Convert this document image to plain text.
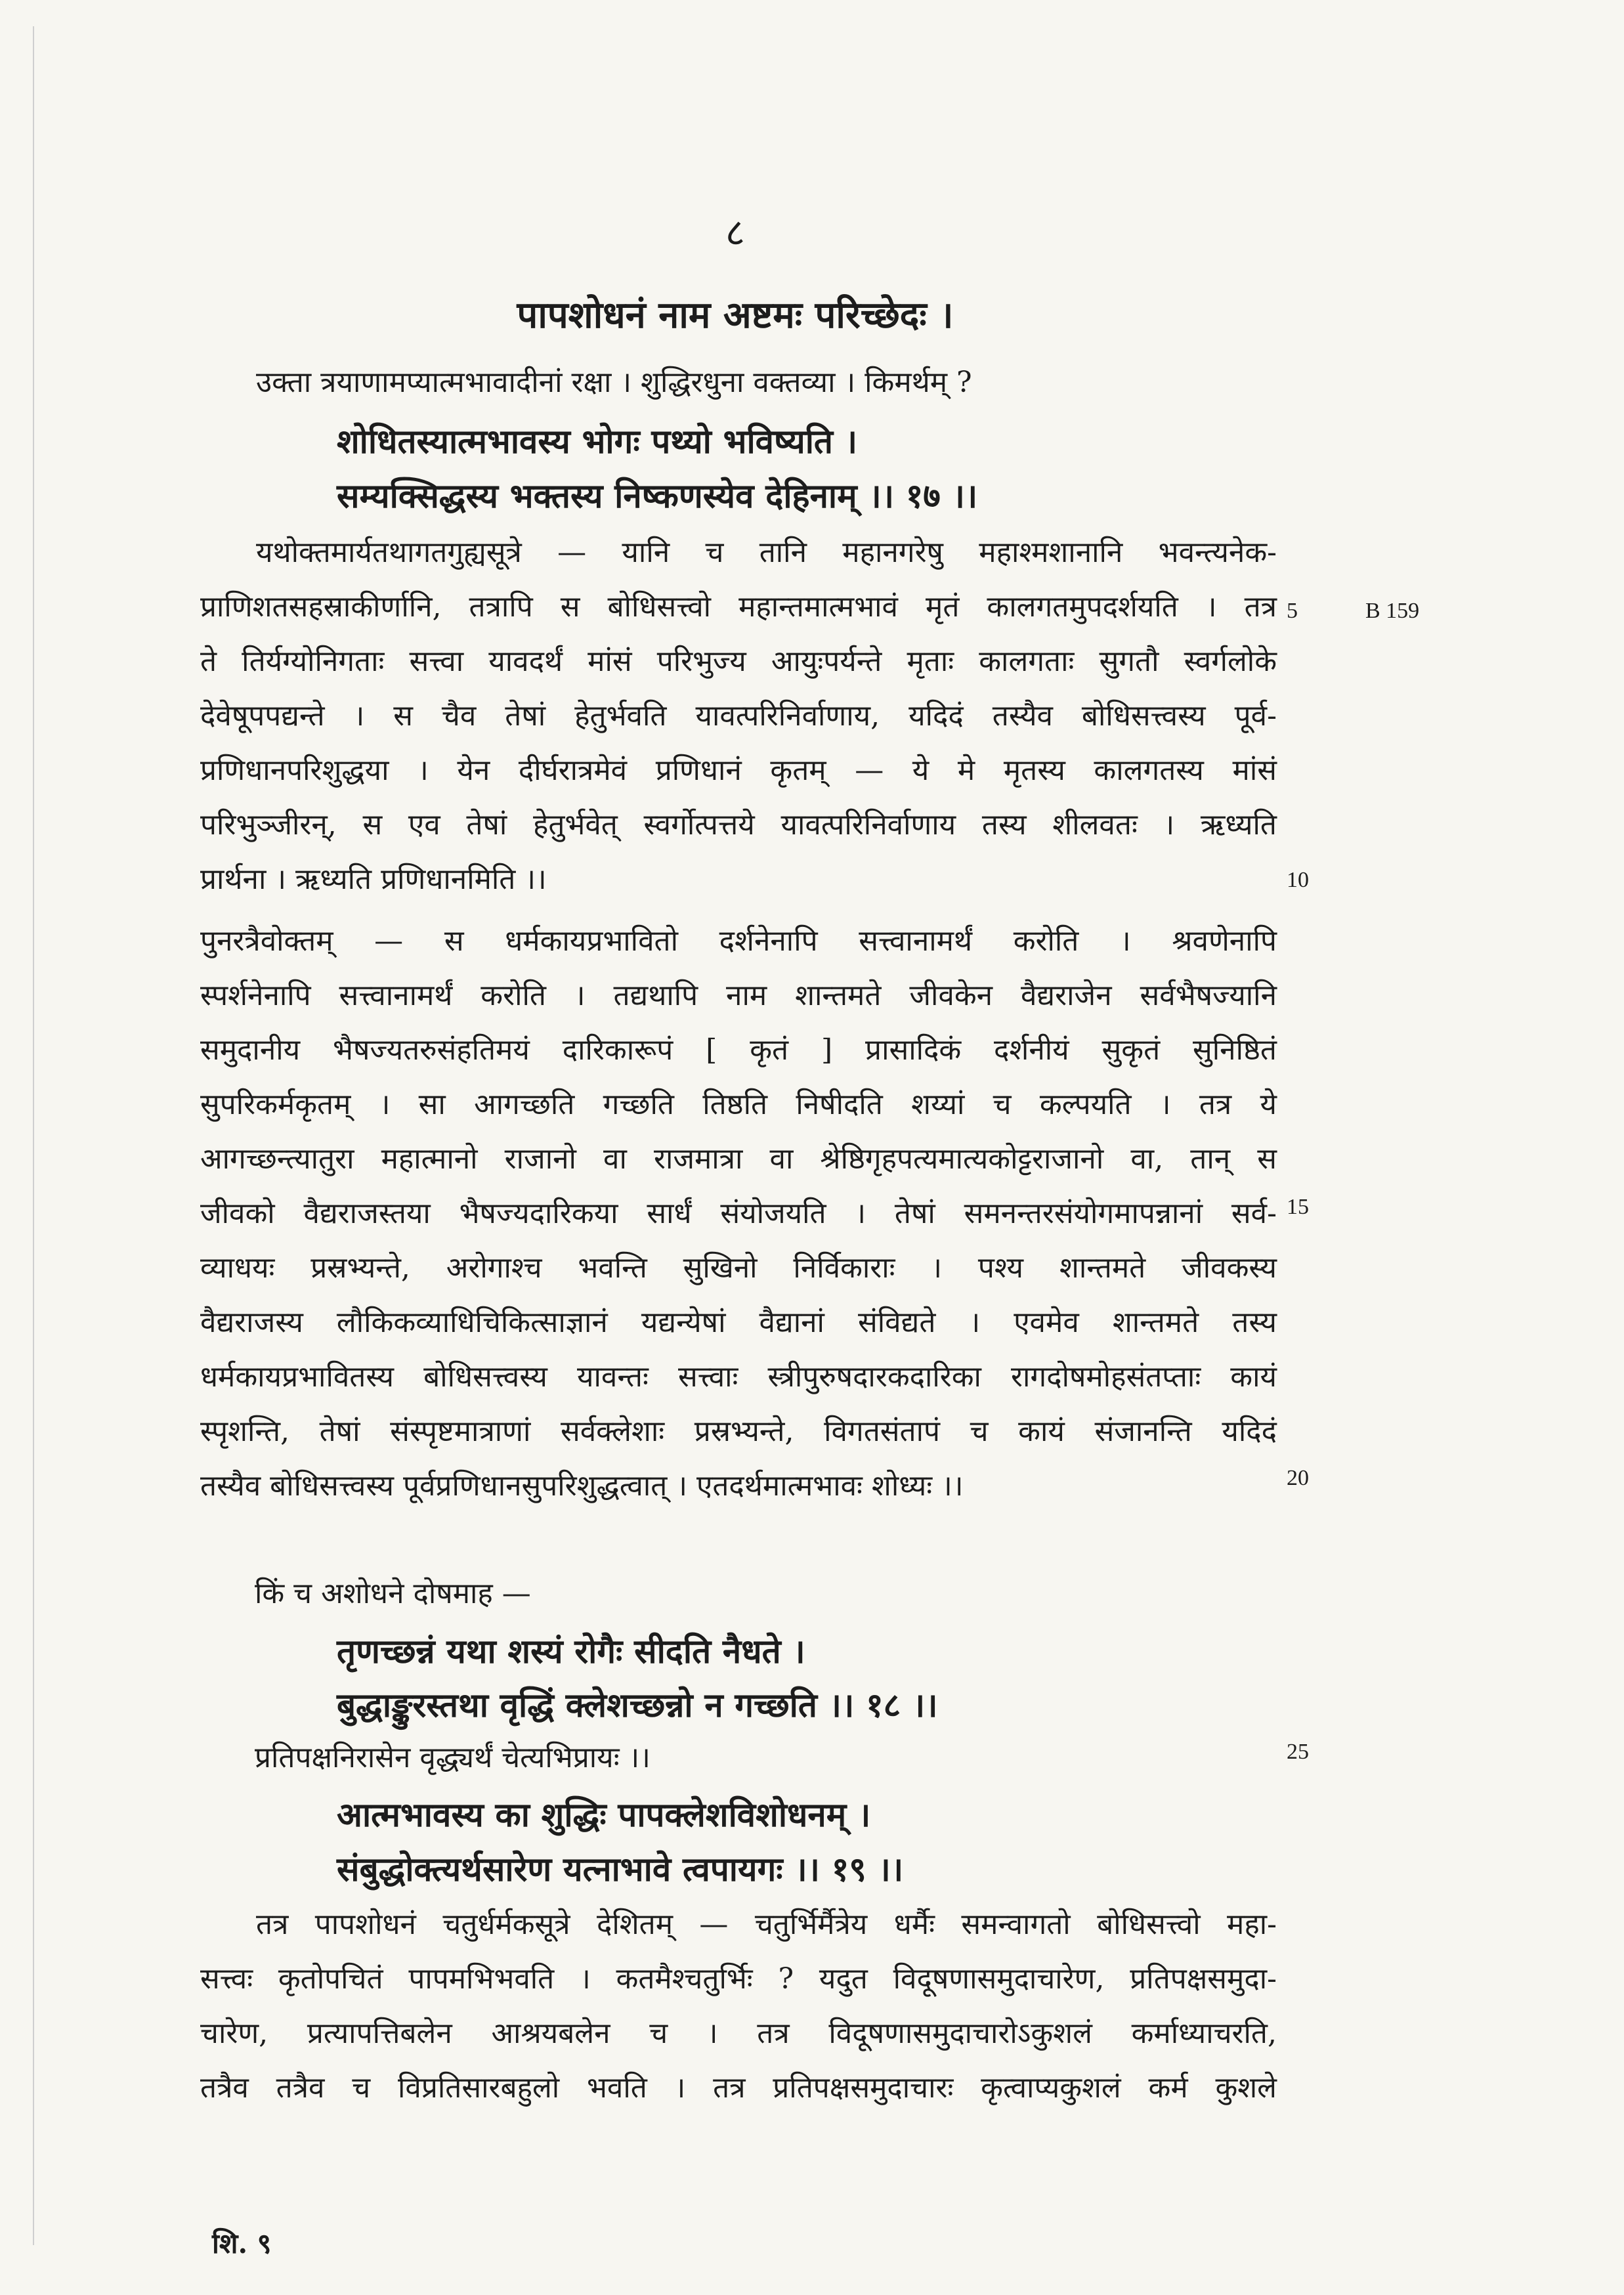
८
पापशोधनं नाम अष्टमः परिच्छेदः ।
उक्ता त्रयाणामप्यात्मभावादीनां रक्षा । शुद्धिरधुना वक्तव्या । किमर्थम् ?
शोधितस्यात्मभावस्य भोगः पथ्यो भविष्यति ।
सम्यक्सिद्धस्य भक्तस्य निष्कणस्येव देहिनाम् ।। १७ ।।
यथोक्तमार्यतथागतगुह्यसूत्रे — यानि च तानि महानगरेषु महाश्मशानानि भवन्त्यनेक-
प्राणिशतसहस्राकीर्णानि, तत्रापि स बोधिसत्त्वो महान्तमात्मभावं मृतं कालगतमुपदर्शयति । तत्र
ते तिर्यग्योनिगताः सत्त्वा यावदर्थं मांसं परिभुज्य आयुःपर्यन्ते मृताः कालगताः सुगतौ स्वर्गलोके
देवेषूपपद्यन्ते । स चैव तेषां हेतुर्भवति यावत्परिनिर्वाणाय, यदिदं तस्यैव बोधिसत्त्वस्य पूर्व-
प्रणिधानपरिशुद्धया । येन दीर्घरात्रमेवं प्रणिधानं कृतम् — ये मे मृतस्य कालगतस्य मांसं
परिभुञ्जीरन्, स एव तेषां हेतुर्भवेत् स्वर्गोत्पत्तये यावत्परिनिर्वाणाय तस्य शीलवतः । ऋध्यति
प्रार्थना । ऋध्यति प्रणिधानमिति ।।
पुनरत्रैवोक्तम् — स धर्मकायप्रभावितो दर्शनेनापि सत्त्वानामर्थं करोति । श्रवणेनापि
स्पर्शनेनापि सत्त्वानामर्थं करोति । तद्यथापि नाम शान्तमते जीवकेन वैद्यराजेन सर्वभैषज्यानि
समुदानीय भैषज्यतरुसंहतिमयं दारिकारूपं [ कृतं ] प्रासादिकं दर्शनीयं सुकृतं सुनिष्ठितं
सुपरिकर्मकृतम् । सा आगच्छति गच्छति तिष्ठति निषीदति शय्यां च कल्पयति । तत्र ये
आगच्छन्त्यातुरा महात्मानो राजानो वा राजमात्रा वा श्रेष्ठिगृहपत्यमात्यकोट्टराजानो वा, तान् स
जीवको वैद्यराजस्तया भैषज्यदारिकया सार्धं संयोजयति । तेषां समनन्तरसंयोगमापन्नानां सर्व-
व्याधयः प्रस्रभ्यन्ते, अरोगाश्च भवन्ति सुखिनो निर्विकाराः । पश्य शान्तमते जीवकस्य
वैद्यराजस्य लौकिकव्याधिचिकित्साज्ञानं यद्यन्येषां वैद्यानां संविद्यते । एवमेव शान्तमते तस्य
धर्मकायप्रभावितस्य बोधिसत्त्वस्य यावन्तः सत्त्वाः स्त्रीपुरुषदारकदारिका रागदोषमोहसंतप्ताः कायं
स्पृशन्ति, तेषां संस्पृष्टमात्राणां सर्वक्लेशाः प्रस्रभ्यन्ते, विगतसंतापं च कायं संजानन्ति यदिदं
तस्यैव बोधिसत्त्वस्य पूर्वप्रणिधानसुपरिशुद्धत्वात् । एतदर्थमात्मभावः शोध्यः ।।
किं च अशोधने दोषमाह —
तृणच्छन्नं यथा शस्यं रोगैः सीदति नैधते ।
बुद्धाङ्कुरस्तथा वृद्धिं क्लेशच्छन्नो न गच्छति ।। १८ ।।
प्रतिपक्षनिरासेन वृद्ध्यर्थं चेत्यभिप्रायः ।।
आत्मभावस्य का शुद्धिः पापक्लेशविशोधनम् ।
संबुद्धोक्त्यर्थसारेण यत्नाभावे त्वपायगः ।। १९ ।।
तत्र पापशोधनं चतुर्धर्मकसूत्रे देशितम् — चतुर्भिर्मैत्रेय धर्मैः समन्वागतो बोधिसत्त्वो महा-
सत्त्वः कृतोपचितं पापमभिभवति । कतमैश्चतुर्भिः ? यदुत विदूषणासमुदाचारेण, प्रतिपक्षसमुदा-
चारेण, प्रत्यापत्तिबलेन आश्रयबलेन च । तत्र विदूषणासमुदाचारोऽकुशलं कर्माध्याचरति,
तत्रैव तत्रैव च विप्रतिसारबहुलो भवति । तत्र प्रतिपक्षसमुदाचारः कृत्वाप्यकुशलं कर्म कुशले
5	B 159
10
15
20
25
शि. ९
